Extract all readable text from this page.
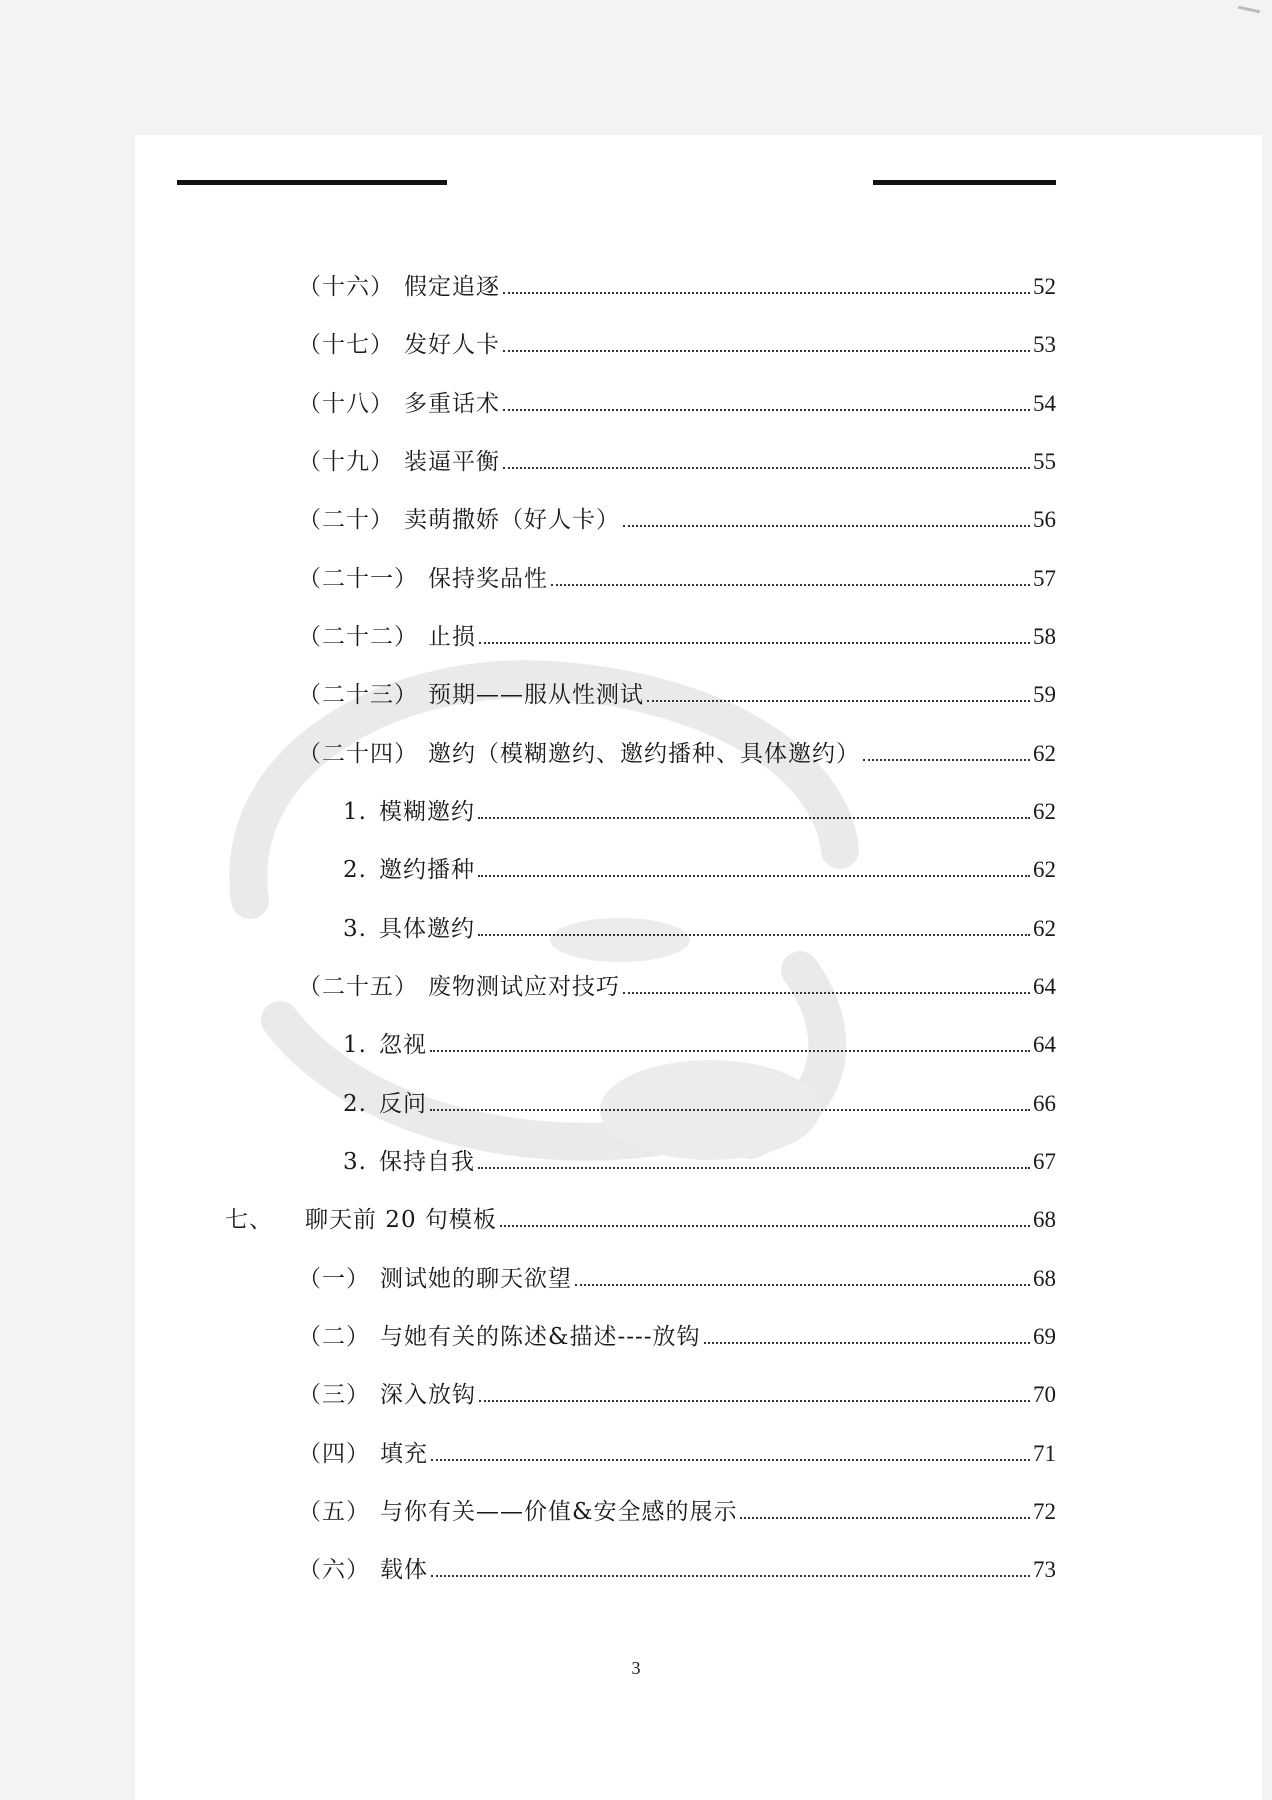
（十六） 假定追逐	52
（十七） 发好人卡	53
（十八） 多重话术	54
（十九） 装逼平衡	55
（二十） 卖萌撒娇（好人卡）	56
（二十一） 保持奖品性	57
（二十二） 止损	58
（二十三） 预期——服从性测试	59
（二十四） 邀约（模糊邀约、邀约播种、具体邀约）	62
1. 模糊邀约	62
2. 邀约播种	62
3. 具体邀约	62
（二十五） 废物测试应对技巧	64
1. 忽视	64
2. 反问	66
3. 保持自我	67
七、 聊天前 20 句模板	68
（一） 测试她的聊天欲望	68
（二） 与她有关的陈述&描述----放钩	69
（三） 深入放钩	70
（四） 填充	71
（五） 与你有关——价值&安全感的展示	72
（六） 载体	73
3
